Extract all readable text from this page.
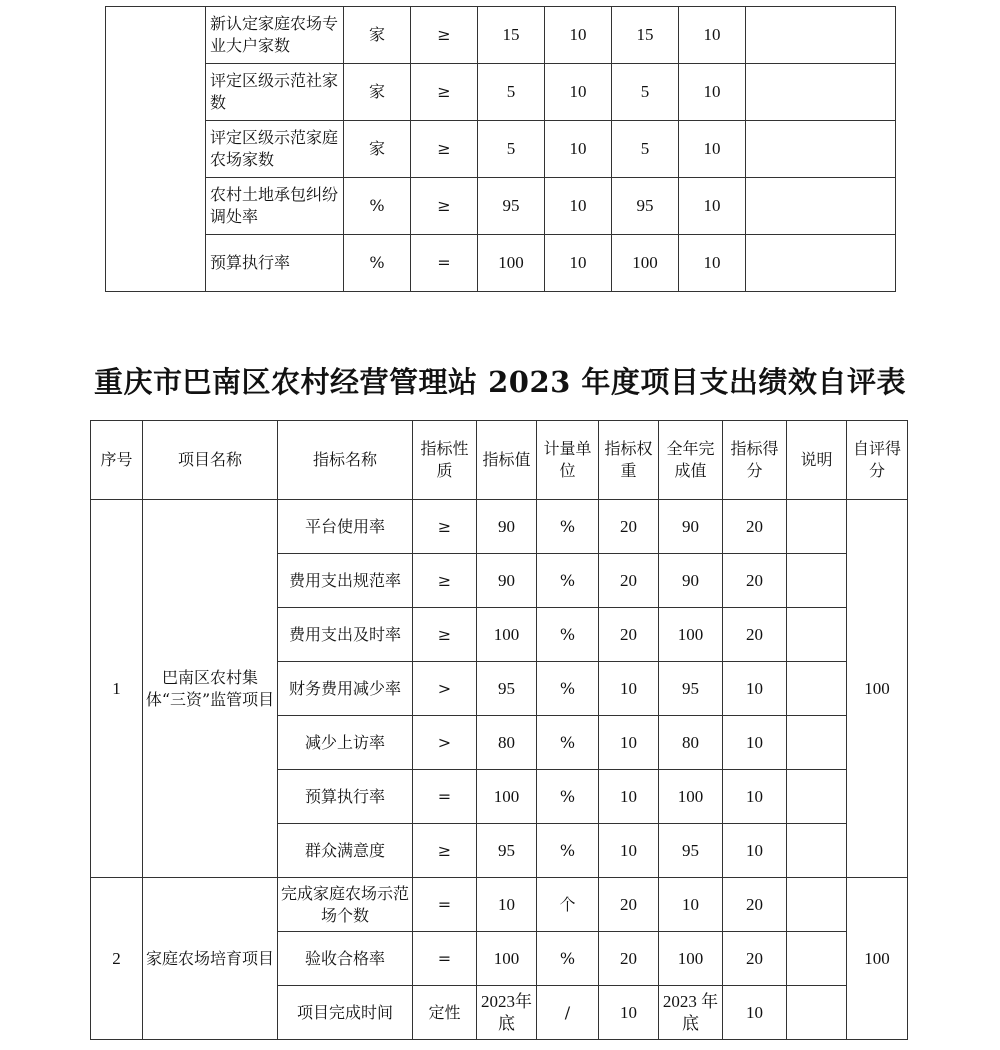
	新认定家庭农场专业大户家数	家	≥	15	10	15	10	
	评定区级示范社家数	家	≥	5	10	5	10	
	评定区级示范家庭农场家数	家	≥	5	10	5	10	
	农村土地承包纠纷调处率	%	≥	95	10	95	10	
	预算执行率	%	=	100	10	100	10	
重庆市巴南区农村经营管理站 2023 年度项目支出绩效自评表
序号	项目名称	指标名称	指标性质	指标值	计量单位	指标权重	全年完成值	指标得分	说明	自评得分
1	巴南区农村集体“三资”监管项目	平台使用率	≥	90	%	20	90	20		100
		费用支出规范率	≥	90	%	20	90	20		
		费用支出及时率	≥	100	%	20	100	20		
		财务费用减少率	>	95	%	10	95	10		
		减少上访率	>	80	%	10	80	10		
		预算执行率	=	100	%	10	100	10		
		群众满意度	≥	95	%	10	95	10		
2	家庭农场培育项目	完成家庭农场示范场个数	=	10	个	20	10	20		100
		验收合格率	=	100	%	20	100	20		
		项目完成时间	定性	2023年底	/	10	2023 年底	10		
